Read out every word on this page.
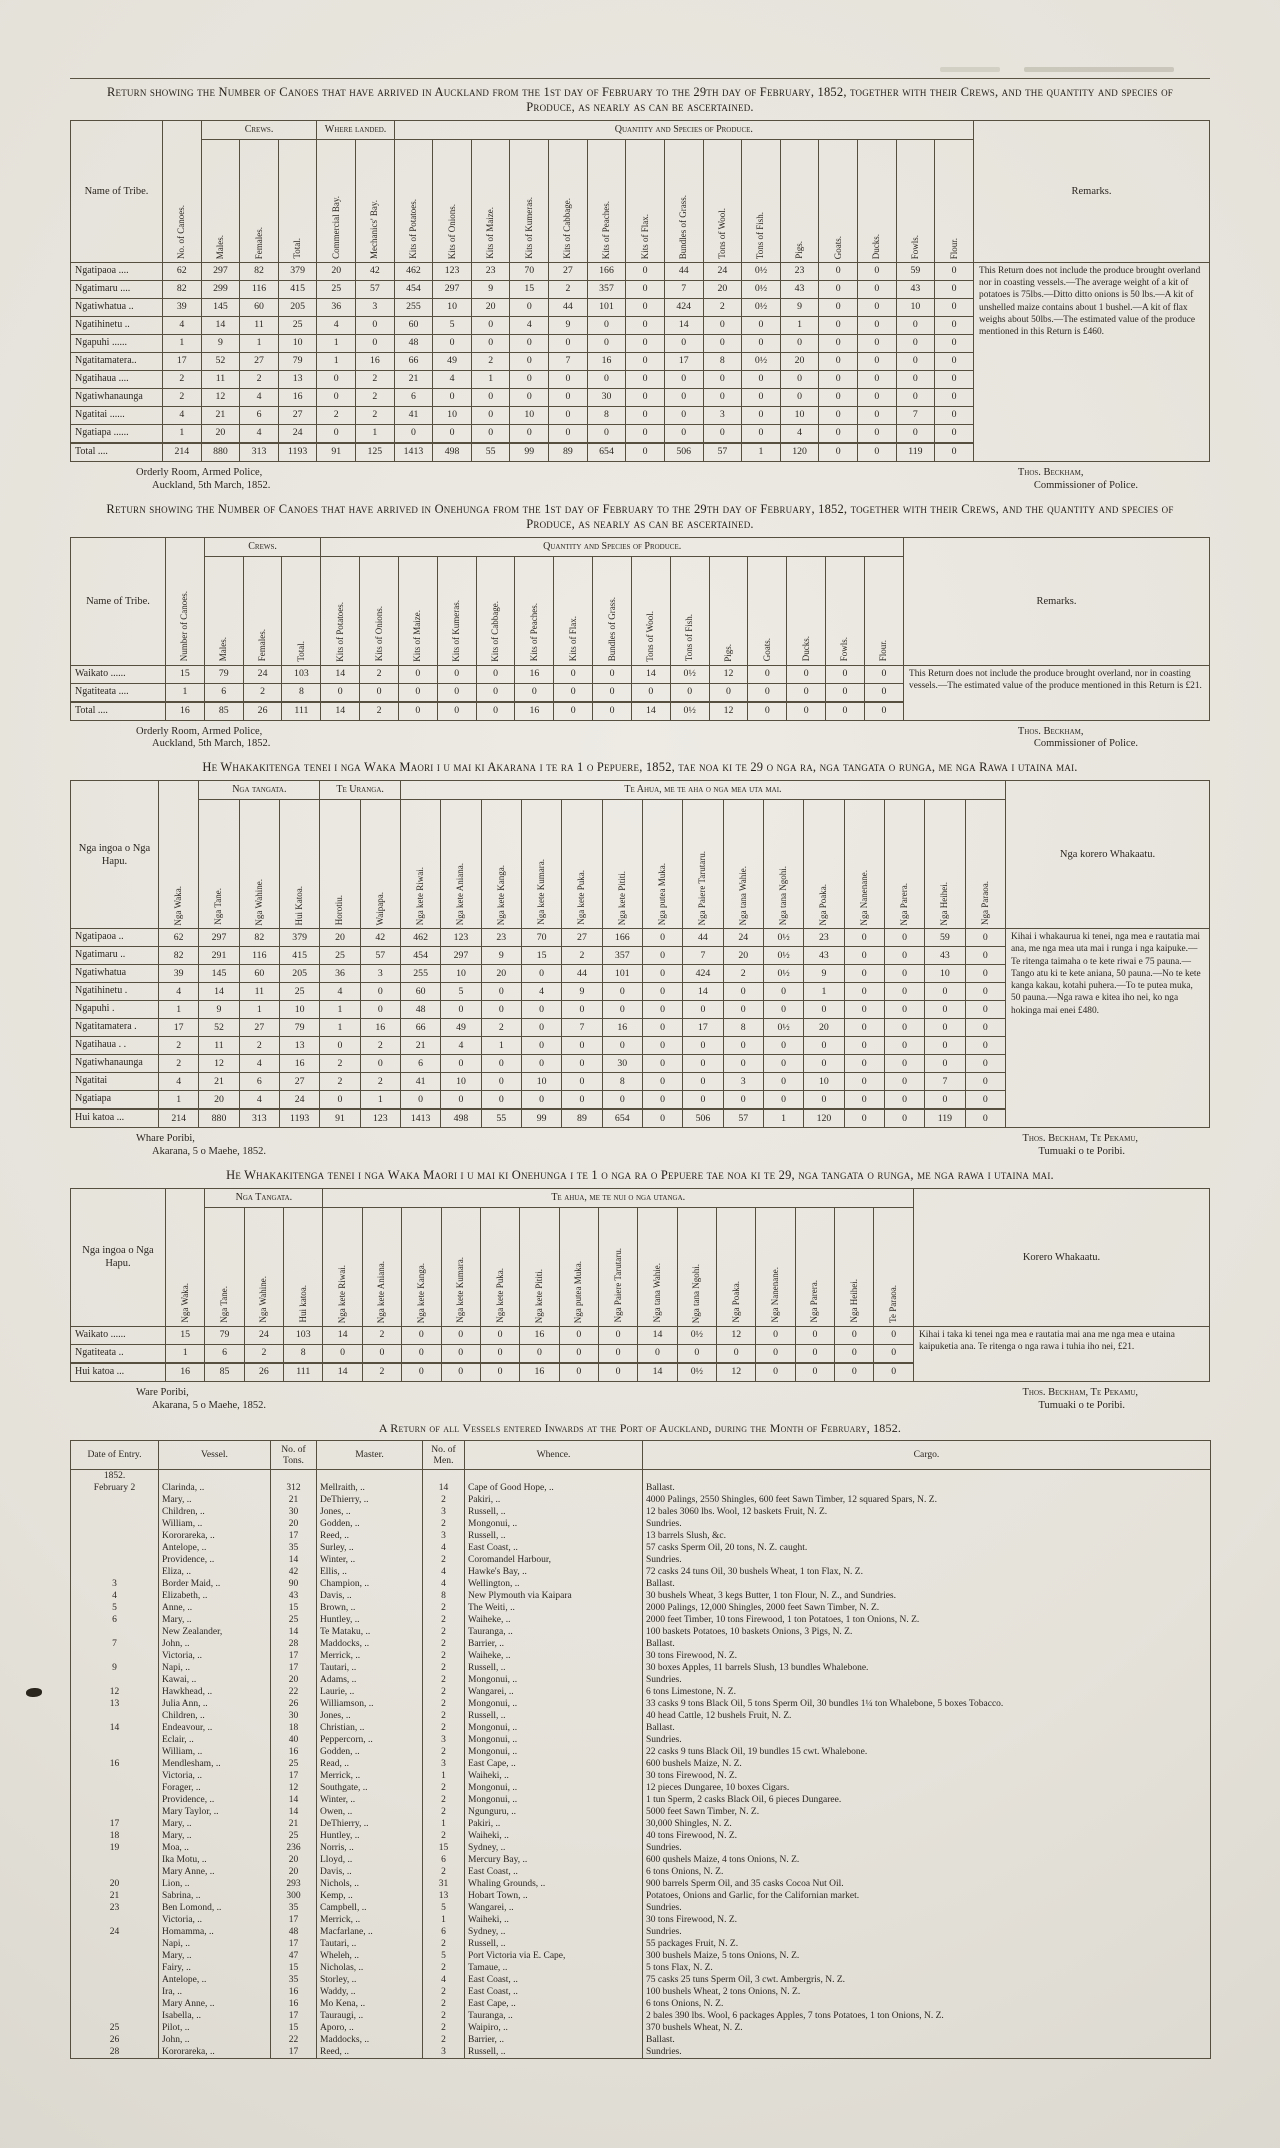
Return showing the Number of Canoes that have arrived in Auckland from the 1st day of February to the 29th day of February, 1852, together with their Crews, and the quantity and species of Produce, as nearly as can be ascertained.
Name of Tribe.	No. of Canoes.	Crews.			Where landed.		Quantity and Species of Produce.															Remarks.

		Males.	Females.	Total.	Commercial Bay.	Mechanics' Bay.	Kits of Potatoes.	Kits of Onions.	Kits of Maize.	Kits of Kumeras.	Kits of Cabbage.	Kits of Peaches.	Kits of Flax.	Bundles of Grass.	Tons of Wool.	Tons of Fish.	Pigs.	Goats.	Ducks.	Fowls.	Flour.	

Ngatipaoa ....	62	297	82	379	20	42	462	123	23	70	27	166	0	44	24	0½	23	0	0	59	0	This Return does not include the produce brought overland nor in coasting vessels.—The average weight of a kit of potatoes is 75lbs.—Ditto ditto onions is 50 lbs.—A kit of unshelled maize contains about 1 bushel.—A kit of flax weighs about 50lbs.—The estimated value of the produce mentioned in this Return is £460.
Ngatimaru ....	82	299	116	415	25	57	454	297	9	15	2	357	0	7	20	0½	43	0	0	43	0	
Ngatiwhatua ..	39	145	60	205	36	3	255	10	20	0	44	101	0	424	2	0½	9	0	0	10	0	
Ngatihinetu ..	4	14	11	25	4	0	60	5	0	4	9	0	0	14	0	0	1	0	0	0	0	
Ngapuhi ......	1	9	1	10	1	0	48	0	0	0	0	0	0	0	0	0	0	0	0	0	0	
Ngatitamatera..	17	52	27	79	1	16	66	49	2	0	7	16	0	17	8	0½	20	0	0	0	0	
Ngatihaua ....	2	11	2	13	0	2	21	4	1	0	0	0	0	0	0	0	0	0	0	0	0	
Ngatiwhanaunga	2	12	4	16	0	2	6	0	0	0	0	30	0	0	0	0	0	0	0	0	0	
Ngatitai ......	4	21	6	27	2	2	41	10	0	10	0	8	0	0	3	0	10	0	0	7	0	
Ngatiapa ......	1	20	4	24	0	1	0	0	0	0	0	0	0	0	0	0	4	0	0	0	0	
Total ....	214	880	313	1193	91	125	1413	498	55	99	89	654	0	506	57	1	120	0	0	119	0	
Orderly Room, Armed Police,
Auckland, 5th March, 1852.
Thos. Beckham,
Commissioner of Police.
Return showing the Number of Canoes that have arrived in Onehunga from the 1st day of February to the 29th day of February, 1852, together with their Crews, and the quantity and species of Produce, as nearly as can be ascertained.
Name of Tribe.	Number of Canoes.	Crews.			Quantity and Species of Produce.															Remarks.

		Males.	Females.	Total.	Kits of Potatoes.	Kits of Onions.	Kits of Maize.	Kits of Kumeras.	Kits of Cabbage.	Kits of Peaches.	Kits of Flax.	Bundles of Grass.	Tons of Wool.	Tons of Fish.	Pigs.	Goats.	Ducks.	Fowls.	Flour.	

Waikato ......	15	79	24	103	14	2	0	0	0	16	0	0	14	0½	12	0	0	0	0	This Return does not include the produce brought overland, nor in coasting vessels.—The estimated value of the produce mentioned in this Return is £21.
Ngatiteata ....	1	6	2	8	0	0	0	0	0	0	0	0	0	0	0	0	0	0	0	
Total ....	16	85	26	111	14	2	0	0	0	16	0	0	14	0½	12	0	0	0	0	
Orderly Room, Armed Police,
Auckland, 5th March, 1852.
Thos. Beckham,
Commissioner of Police.
He Whakakitenga tenei i nga Waka Maori i u mai ki Akarana i te ra 1 o Pepuere, 1852, tae noa ki te 29 o nga ra, nga tangata o runga, me nga Rawa i utaina mai.
Nga ingoa o Nga Hapu.	Nga Waka.	Nga tangata.			Te Uranga.		Te Ahua, me te aha o nga mea uta mai.															Nga korero Whakaatu.

		Nga Tane.	Nga Wahine.	Hui Katoa.	Horotiu.	Waipapa.	Nga kete Riwai.	Nga kete Aniana.	Nga kete Kanga.	Nga kete Kumara.	Nga kete Puka.	Nga kete Pititi.	Nga putea Muka.	Nga Paiere Tarutaru.	Nga tana Wahie.	Nga tana Ngohi.	Nga Poaka.	Nga Nanenane.	Nga Parera.	Nga Heihei.	Nga Paraoa.	

Ngatipaoa ..	62	297	82	379	20	42	462	123	23	70	27	166	0	44	24	0½	23	0	0	59	0	Kihai i whakaurua ki tenei, nga mea e rautatia mai ana, me nga mea uta mai i runga i nga kaipuke.—Te ritenga taimaha o te kete riwai e 75 pauna.—Tango atu ki te kete aniana, 50 pauna.—No te kete kanga kakau, kotahi puhera.—To te putea muka, 50 pauna.—Nga rawa e kitea iho nei, ko nga hokinga mai enei £480.
Ngatimaru ..	82	291	116	415	25	57	454	297	9	15	2	357	0	7	20	0½	43	0	0	43	0	
Ngatiwhatua	39	145	60	205	36	3	255	10	20	0	44	101	0	424	2	0½	9	0	0	10	0	
Ngatihinetu .	4	14	11	25	4	0	60	5	0	4	9	0	0	14	0	0	1	0	0	0	0	
Ngapuhi .	1	9	1	10	1	0	48	0	0	0	0	0	0	0	0	0	0	0	0	0	0	
Ngatitamatera .	17	52	27	79	1	16	66	49	2	0	7	16	0	17	8	0½	20	0	0	0	0	
Ngatihaua . .	2	11	2	13	0	2	21	4	1	0	0	0	0	0	0	0	0	0	0	0	0	
Ngatiwhanaunga	2	12	4	16	2	0	6	0	0	0	0	30	0	0	0	0	0	0	0	0	0	
Ngatitai	4	21	6	27	2	2	41	10	0	10	0	8	0	0	3	0	10	0	0	7	0	
Ngatiapa	1	20	4	24	0	1	0	0	0	0	0	0	0	0	0	0	0	0	0	0	0	
Hui katoa ...	214	880	313	1193	91	123	1413	498	55	99	89	654	0	506	57	1	120	0	0	119	0	
Whare Poribi,
Akarana, 5 o Maehe, 1852.
Thos. Beckham, Te Pekamu,
Tumuaki o te Poribi.
He Whakakitenga tenei i nga Waka Maori i u mai ki Onehunga i te 1 o nga ra o Pepuere tae noa ki te 29, nga tangata o runga, me nga rawa i utaina mai.
Nga ingoa o Nga Hapu.	Nga Waka.	Nga Tangata.			Te ahua, me te nui o nga utanga.															Korero Whakaatu.

		Nga Tane.	Nga Wahine.	Hui katoa.	Nga kete Riwai.	Nga kete Aniana.	Nga kete Kanga.	Nga kete Kumara.	Nga kete Puka.	Nga kete Pititi.	Nga putea Muka.	Nga Paiere Tarutaru.	Nga tana Wahie.	Nga tana Ngohi.	Nga Poaka.	Nga Nanenane.	Nga Parera.	Nga Heihei.	Te Paraoa.	

Waikato ......	15	79	24	103	14	2	0	0	0	16	0	0	14	0½	12	0	0	0	0	Kihai i taka ki tenei nga mea e rautatia mai ana me nga mea e utaina kaipuketia ana. Te ritenga o nga rawa i tuhia iho nei, £21.
Ngatiteata ..	1	6	2	8	0	0	0	0	0	0	0	0	0	0	0	0	0	0	0	
Hui katoa ...	16	85	26	111	14	2	0	0	0	16	0	0	14	0½	12	0	0	0	0	
Ware Poribi,
Akarana, 5 o Maehe, 1852.
Thos. Beckham, Te Pekamu,
Tumuaki o te Poribi.
A Return of all Vessels entered Inwards at the Port of Auckland, during the Month of February, 1852.
Date of Entry.	Vessel.	No. of Tons.	Master.	No. of Men.	Whence.	Cargo.

1852.
February 2	Clarinda, ..	312	Mellraith, ..	14	Cape of Good Hope, ..	Ballast.
	Mary, ..	21	DeThierry, ..	2	Pakiri, ..	4000 Palings, 2550 Shingles, 600 feet Sawn Timber, 12 squared Spars, N. Z.
	Children, ..	30	Jones, ..	3	Russell, ..	12 bales 3060 lbs. Wool, 12 baskets Fruit, N. Z.
	William, ..	20	Godden, ..	2	Mongonui, ..	Sundries.
	Kororareka, ..	17	Reed, ..	3	Russell, ..	13 barrels Slush, &c.
	Antelope, ..	35	Surley, ..	4	East Coast, ..	57 casks Sperm Oil, 20 tons, N. Z. caught.
	Providence, ..	14	Winter, ..	2	Coromandel Harbour,	Sundries.
	Eliza, ..	42	Ellis, ..	4	Hawke's Bay, ..	72 casks 24 tuns Oil, 30 bushels Wheat, 1 ton Flax, N. Z.
3	Border Maid, ..	90	Champion, ..	4	Wellington, ..	Ballast.
4	Elizabeth, ..	43	Davis, ..	8	New Plymouth via Kaipara	30 bushels Wheat, 3 kegs Butter, 1 ton Flour, N. Z., and Sundries.
5	Anne, ..	15	Brown, ..	2	The Weiti, ..	2000 Palings, 12,000 Shingles, 2000 feet Sawn Timber, N. Z.
6	Mary, ..	25	Huntley, ..	2	Waiheke, ..	2000 feet Timber, 10 tons Firewood, 1 ton Potatoes, 1 ton Onions, N. Z.
	New Zealander,	14	Te Mataku, ..	2	Tauranga, ..	100 baskets Potatoes, 10 baskets Onions, 3 Pigs, N. Z.
7	John, ..	28	Maddocks, ..	2	Barrier, ..	Ballast.
	Victoria, ..	17	Merrick, ..	2	Waiheke, ..	30 tons Firewood, N. Z.
9	Napi, ..	17	Tautari, ..	2	Russell, ..	30 boxes Apples, 11 barrels Slush, 13 bundles Whalebone.
	Kawai, ..	20	Adams, ..	2	Mongonui, ..	Sundries.
12	Hawkhead, ..	22	Laurie, ..	2	Wangarei, ..	6 tons Limestone, N. Z.
13	Julia Ann, ..	26	Williamson, ..	2	Mongonui, ..	33 casks 9 tons Black Oil, 5 tons Sperm Oil, 30 bundles 1¼ ton Whalebone, 5 boxes Tobacco.
	Children, ..	30	Jones, ..	2	Russell, ..	40 head Cattle, 12 bushels Fruit, N. Z.
14	Endeavour, ..	18	Christian, ..	2	Mongonui, ..	Ballast.
	Eclair, ..	40	Peppercorn, ..	3	Mongonui, ..	Sundries.
	William, ..	16	Godden, ..	2	Mongonui, ..	22 casks 9 tuns Black Oil, 19 bundles 15 cwt. Whalebone.
16	Mendlesham, ..	25	Read, ..	3	East Cape, ..	600 bushels Maize, N. Z.
	Victoria, ..	17	Merrick, ..	1	Waiheki, ..	30 tons Firewood, N. Z.
	Forager, ..	12	Southgate, ..	2	Mongonui, ..	12 pieces Dungaree, 10 boxes Cigars.
	Providence, ..	14	Winter, ..	2	Mongonui, ..	1 tun Sperm, 2 casks Black Oil, 6 pieces Dungaree.
	Mary Taylor, ..	14	Owen, ..	2	Ngunguru, ..	5000 feet Sawn Timber, N. Z.
17	Mary, ..	21	DeThierry, ..	1	Pakiri, ..	30,000 Shingles, N. Z.
18	Mary, ..	25	Huntley, ..	2	Waiheki, ..	40 tons Firewood, N. Z.
19	Moa, ..	236	Norris, ..	15	Sydney, ..	Sundries.
	Ika Motu, ..	20	Lloyd, ..	6	Mercury Bay, ..	600 qushels Maize, 4 tons Onions, N. Z.
	Mary Anne, ..	20	Davis, ..	2	East Coast, ..	6 tons Onions, N. Z.
20	Lion, ..	293	Nichols, ..	31	Whaling Grounds, ..	900 barrels Sperm Oil, and 35 casks Cocoa Nut Oil.
21	Sabrina, ..	300	Kemp, ..	13	Hobart Town, ..	Potatoes, Onions and Garlic, for the Californian market.
23	Ben Lomond, ..	35	Campbell, ..	5	Wangarei, ..	Sundries.
	Victoria, ..	17	Merrick, ..	1	Waiheki, ..	30 tons Firewood, N. Z.
24	Homamma, ..	48	Macfarlane, ..	6	Sydney, ..	Sundries.
	Napi, ..	17	Tautari, ..	2	Russell, ..	55 packages Fruit, N. Z.
	Mary, ..	47	Wheleh, ..	5	Port Victoria via E. Cape,	300 bushels Maize, 5 tons Onions, N. Z.
	Fairy, ..	15	Nicholas, ..	2	Tamaue, ..	5 tons Flax, N. Z.
	Antelope, ..	35	Storley, ..	4	East Coast, ..	75 casks 25 tuns Sperm Oil, 3 cwt. Ambergris, N. Z.
	Ira, ..	16	Waddy, ..	2	East Coast, ..	100 bushels Wheat, 2 tons Onions, N. Z.
	Mary Anne, ..	16	Mo Kena, ..	2	East Cape, ..	6 tons Onions, N. Z.
	Isabella, ..	17	Tauraugi, ..	2	Tauranga, ..	2 bales 390 lbs. Wool, 6 packages Apples, 7 tons Potatoes, 1 ton Onions, N. Z.
25	Pilot, ..	15	Aporo, ..	2	Waipiro, ..	370 bushels Wheat, N. Z.
26	John, ..	22	Maddocks, ..	2	Barrier, ..	Ballast.
28	Kororareka, ..	17	Reed, ..	3	Russell, ..	Sundries.
